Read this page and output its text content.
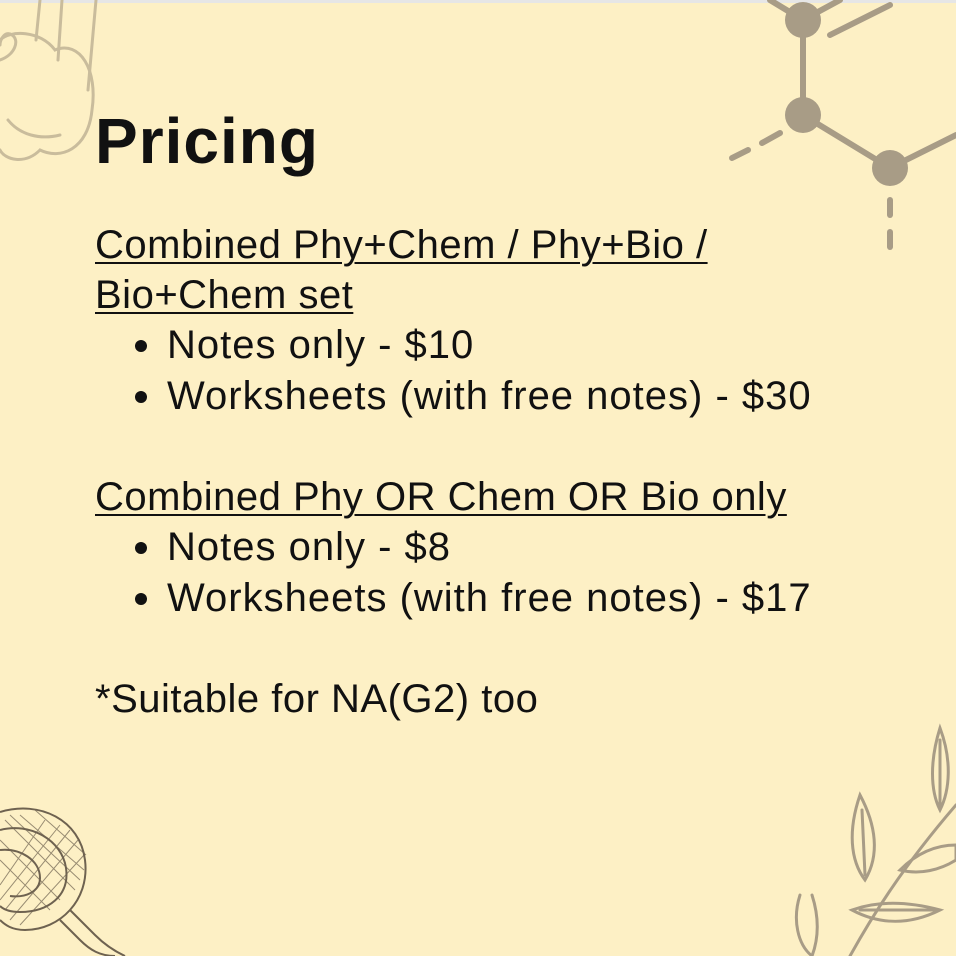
Pricing
Combined Phy+Chem / Phy+Bio /
Bio+Chem set
Notes only - $10
Worksheets (with free notes) - $30
Combined Phy OR Chem OR Bio only
Notes only - $8
Worksheets (with free notes) - $17
*Suitable for NA(G2) too
